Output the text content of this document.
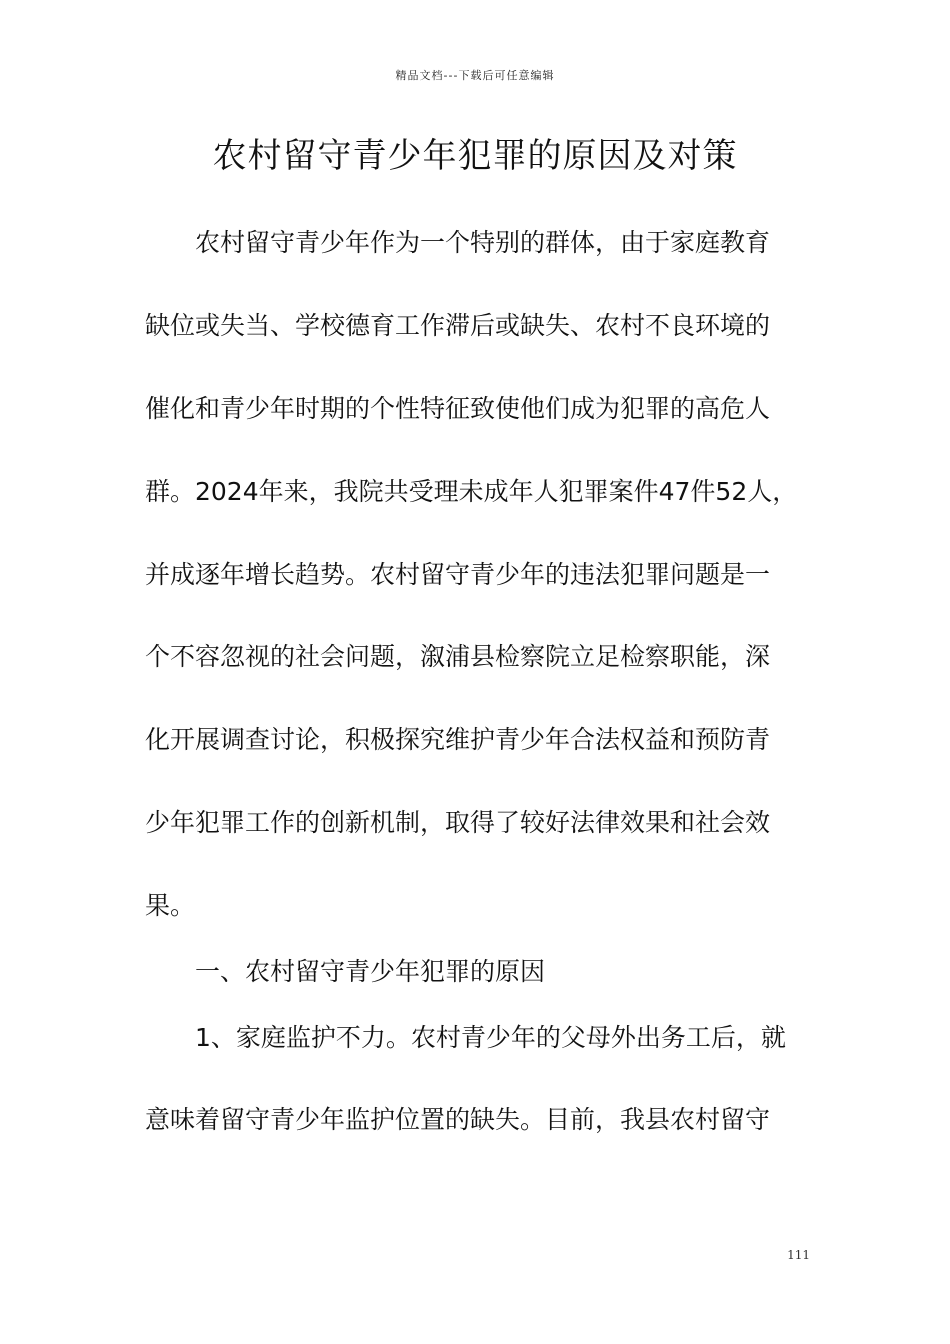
精品文档---下载后可任意编辑
农村留守青少年犯罪的原因及对策
农村留守青少年作为一个特别的群体，由于家庭教育
缺位或失当、学校德育工作滞后或缺失、农村不良环境的
催化和青少年时期的个性特征致使他们成为犯罪的高危人
群。2024年来，我院共受理未成年人犯罪案件47件52人，
并成逐年增长趋势。农村留守青少年的违法犯罪问题是一
个不容忽视的社会问题，溆浦县检察院立足检察职能，深
化开展调查讨论，积极探究维护青少年合法权益和预防青
少年犯罪工作的创新机制，取得了较好法律效果和社会效
果。
一、农村留守青少年犯罪的原因
1、家庭监护不力。农村青少年的父母外出务工后，就
意味着留守青少年监护位置的缺失。目前，我县农村留守
111
